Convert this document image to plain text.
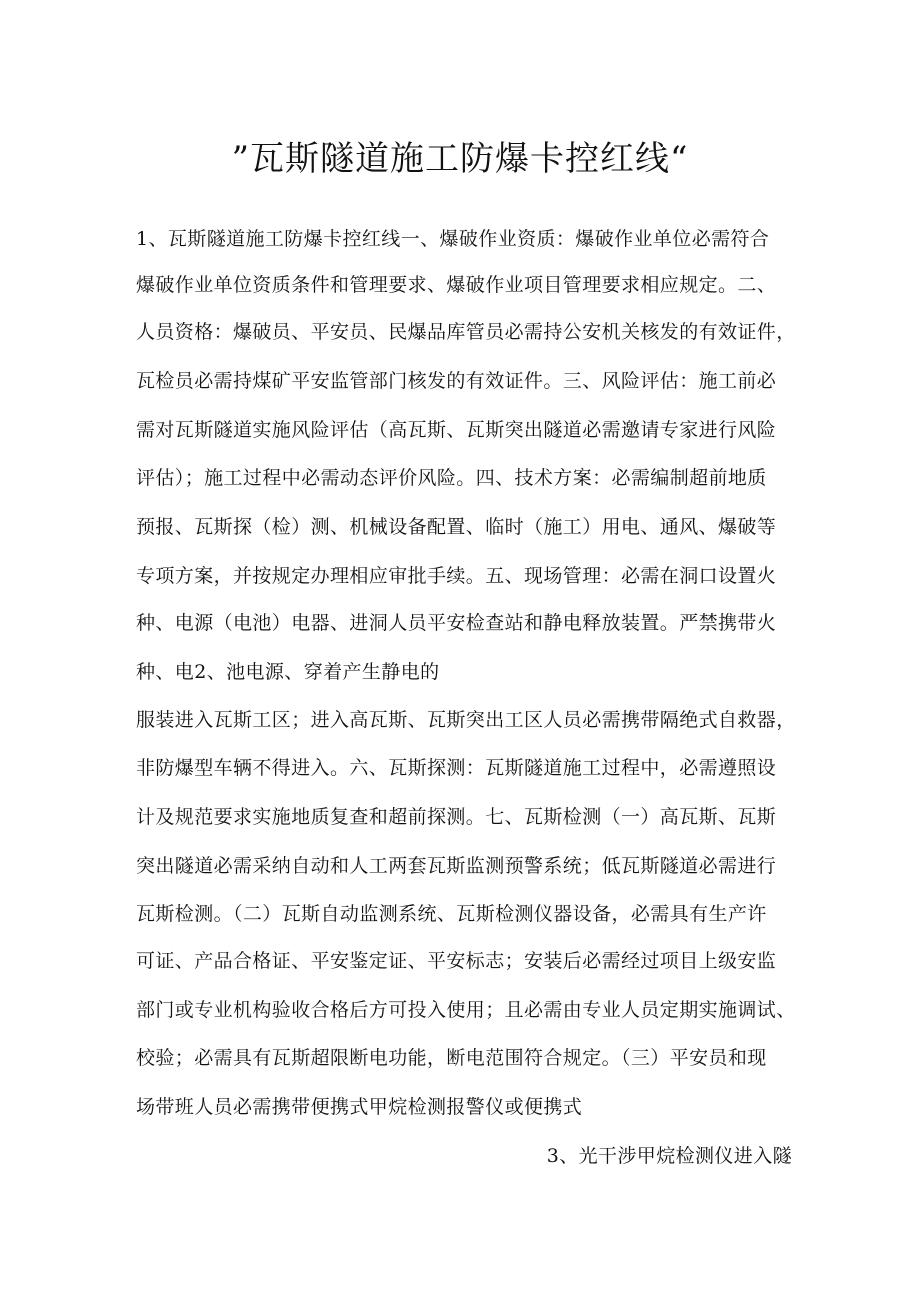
”瓦斯隧道施工防爆卡控红线“
1、瓦斯隧道施工防爆卡控红线一、爆破作业资质：爆破作业单位必需符合
爆破作业单位资质条件和管理要求、爆破作业项目管理要求相应规定。二、
人员资格：爆破员、平安员、民爆品库管员必需持公安机关核发的有效证件，
瓦检员必需持煤矿平安监管部门核发的有效证件。三、风险评估：施工前必
需对瓦斯隧道实施风险评估（高瓦斯、瓦斯突出隧道必需邀请专家进行风险
评估）；施工过程中必需动态评价风险。四、技术方案：必需编制超前地质
预报、瓦斯探（检）测、机械设备配置、临时（施工）用电、通风、爆破等
专项方案，并按规定办理相应审批手续。五、现场管理：必需在洞口设置火
种、电源（电池）电器、进洞人员平安检查站和静电释放装置。严禁携带火
种、电2、池电源、穿着产生静电的
服装进入瓦斯工区；进入高瓦斯、瓦斯突出工区人员必需携带隔绝式自救器，
非防爆型车辆不得进入。六、瓦斯探测：瓦斯隧道施工过程中，必需遵照设
计及规范要求实施地质复查和超前探测。七、瓦斯检测（一）高瓦斯、瓦斯
突出隧道必需采纳自动和人工两套瓦斯监测预警系统；低瓦斯隧道必需进行
瓦斯检测。（二）瓦斯自动监测系统、瓦斯检测仪器设备，必需具有生产许
可证、产品合格证、平安鉴定证、平安标志；安装后必需经过项目上级安监
部门或专业机构验收合格后方可投入使用；且必需由专业人员定期实施调试、
校验；必需具有瓦斯超限断电功能，断电范围符合规定。（三）平安员和现
场带班人员必需携带便携式甲烷检测报警仪或便携式
3、光干涉甲烷检测仪进入隧
